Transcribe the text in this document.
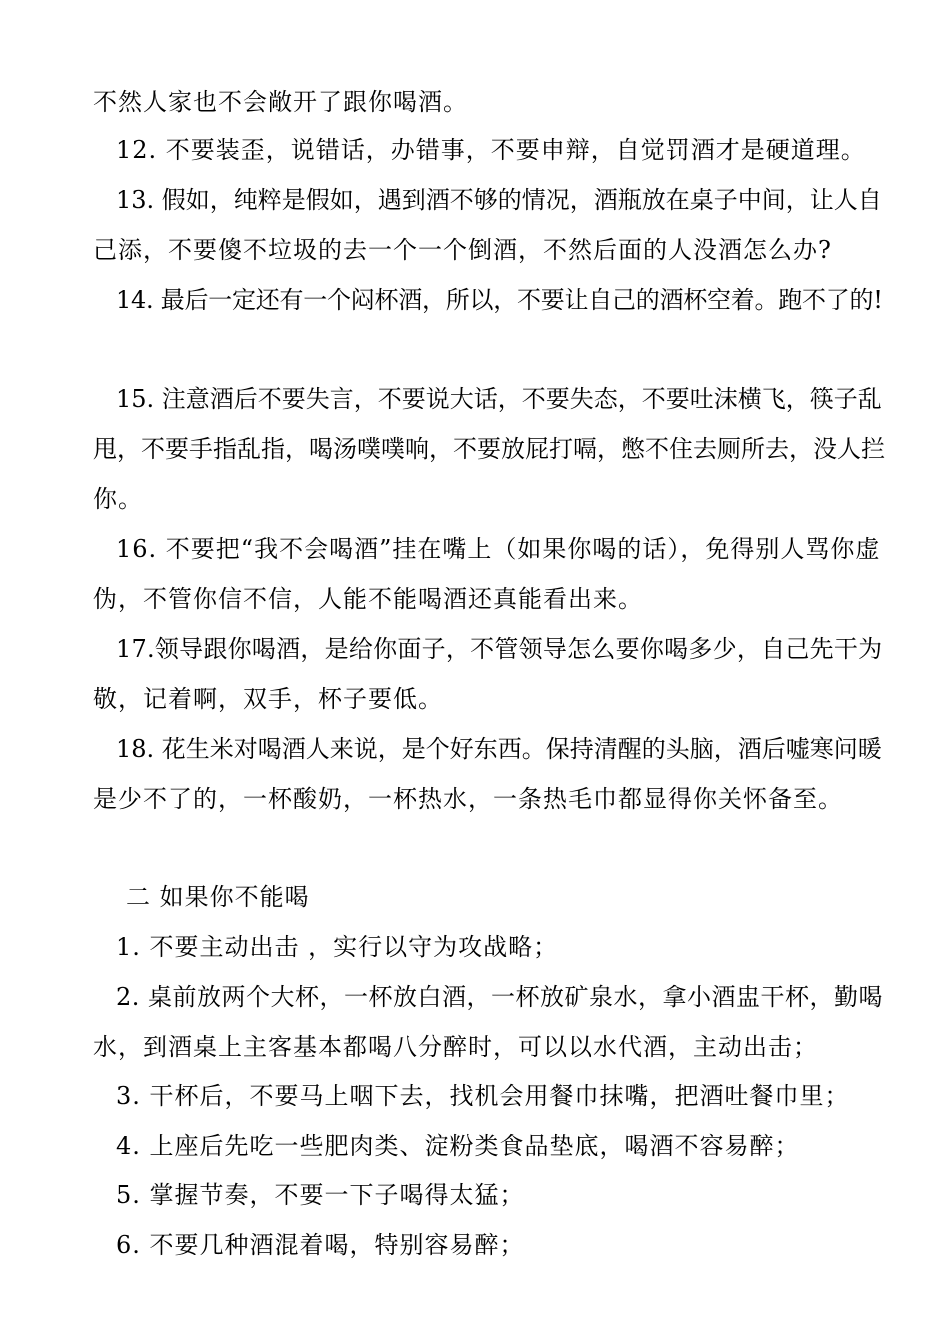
不然人家也不会敞开了跟你喝酒。
12. 不要装歪，说错话，办错事，不要申辩，自觉罚酒才是硬道理。
13. 假如，纯粹是假如，遇到酒不够的情况，酒瓶放在桌子中间，让人自
己添，不要傻不垃圾的去一个一个倒酒，不然后面的人没酒怎么办?
14. 最后一定还有一个闷杯酒，所以，不要让自己的酒杯空着。跑不了的!
15. 注意酒后不要失言，不要说大话，不要失态，不要吐沫横飞，筷子乱
甩，不要手指乱指，喝汤噗噗响，不要放屁打嗝，憋不住去厕所去，没人拦
你。
16. 不要把“我不会喝酒”挂在嘴上（如果你喝的话），免得别人骂你虚
伪，不管你信不信，人能不能喝酒还真能看出来。
17.领导跟你喝酒，是给你面子，不管领导怎么要你喝多少，自己先干为
敬，记着啊，双手，杯子要低。
18. 花生米对喝酒人来说，是个好东西。保持清醒的头脑，酒后嘘寒问暖
是少不了的，一杯酸奶，一杯热水，一条热毛巾都显得你关怀备至。
二 如果你不能喝
1. 不要主动出击 ，实行以守为攻战略；
2. 桌前放两个大杯，一杯放白酒，一杯放矿泉水，拿小酒盅干杯，勤喝
水，到酒桌上主客基本都喝八分醉时，可以以水代酒，主动出击；
3. 干杯后，不要马上咽下去，找机会用餐巾抹嘴，把酒吐餐巾里；
4. 上座后先吃一些肥肉类、淀粉类食品垫底，喝酒不容易醉；
5. 掌握节奏，不要一下子喝得太猛；
6. 不要几种酒混着喝，特别容易醉；
